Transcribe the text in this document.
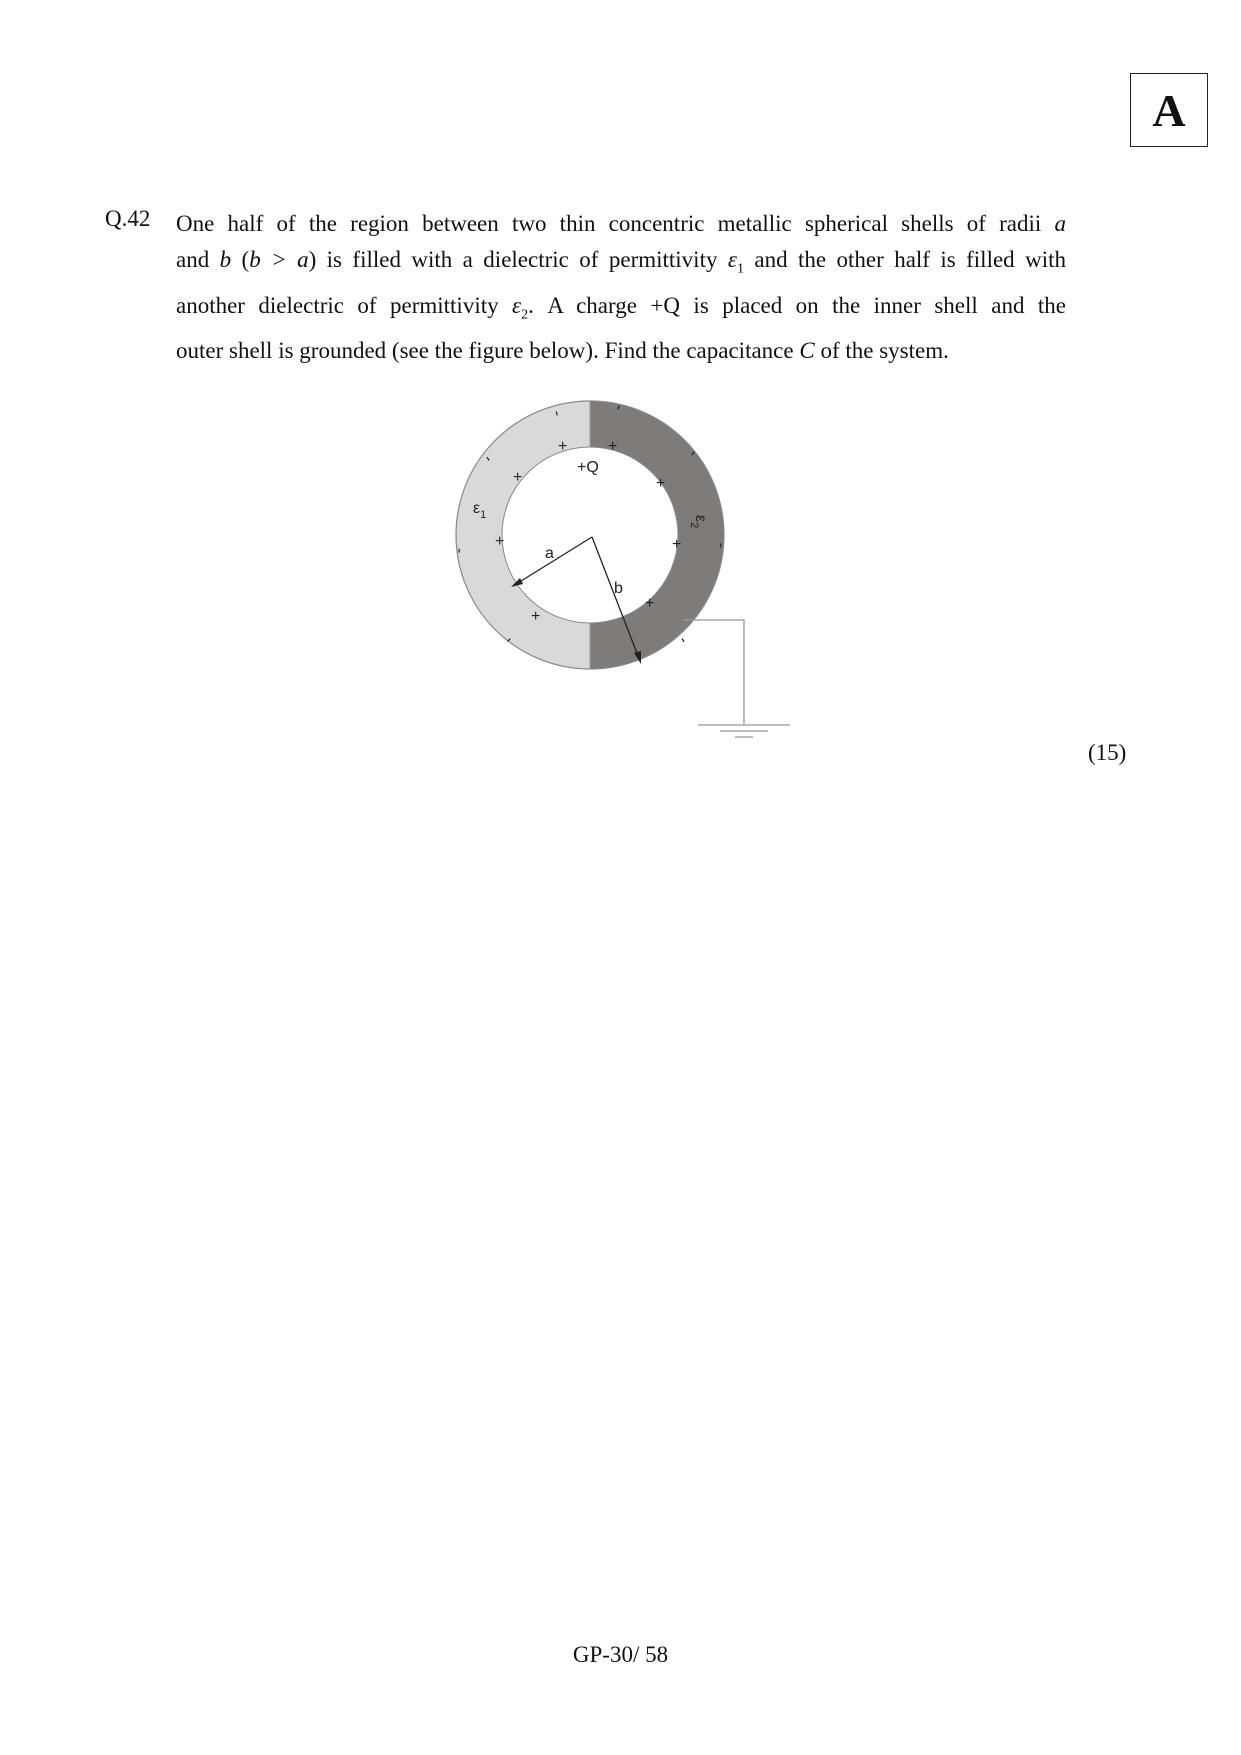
A
Q.42 One half of the region between two thin concentric metallic spherical shells of radii a
and b (b > a) is filled with a dielectric of permittivity $\varepsilon_1$ and the other half is filled with
another dielectric of permittivity $\varepsilon_2$. A charge +Q is placed on the inner shell and the
outer shell is grounded (see the figure below). Find the capacitance C of the system.
$\varepsilon_1$	$\varepsilon_2$
+Q
a
b
+	+
+	+
+	+
+
+
-
-
-	-
-
-
-	-
(15)
GP-30/ 58
